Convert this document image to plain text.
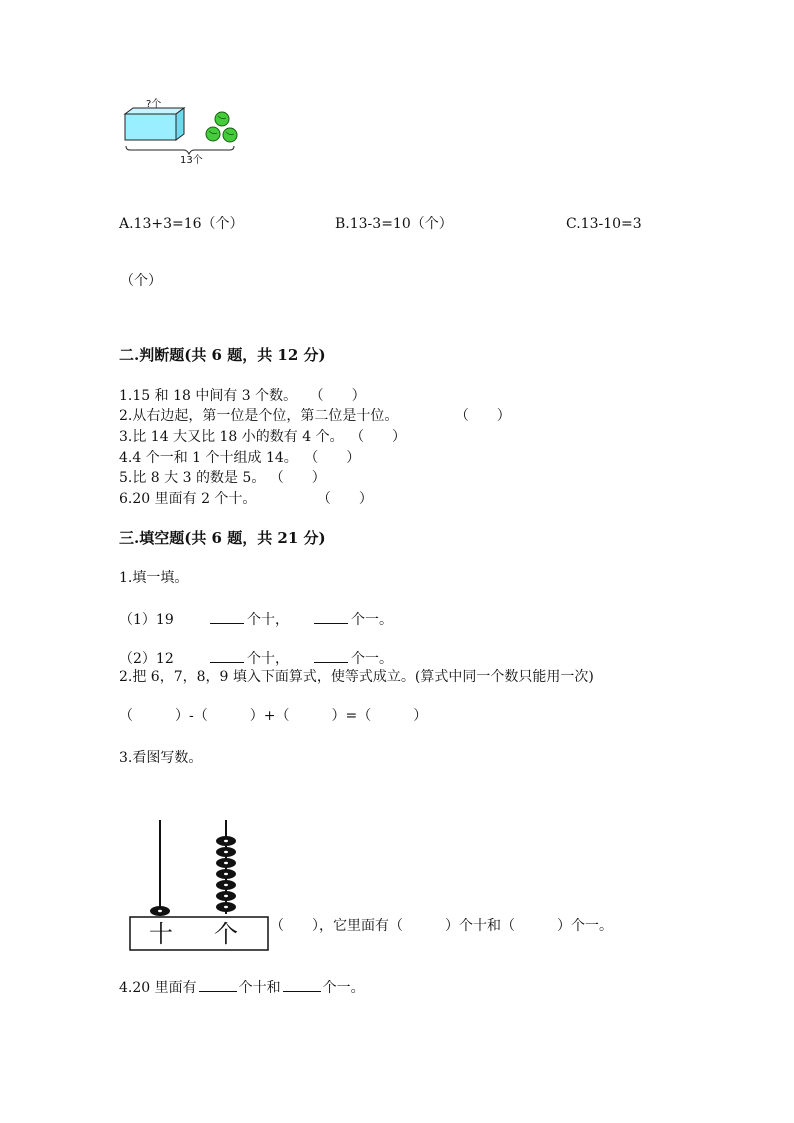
?个
13个
A.13+3=16（个）	B.13-3=10（个）	C.13-10=3
（个）
二.判断题(共 6 题，共 12 分)
1.15 和 18 中间有 3 个数。 （　　）
2.从右边起，第一位是个位，第二位是十位。	（　　）
3.比 14 大又比 18 小的数有 4 个。 （　　）
4.4 个一和 1 个十组成 14。 （　　）
5.比 8 大 3 的数是 5。 （　　）
6.20 里面有 2 个十。	（　　）
三.填空题(共 6 题，共 21 分)
1.填一填。
（1）19	个十，	个一。
（2）12	个十，	个一。
2.把 6，7，8，9 填入下面算式，使等式成立。(算式中同一个数只能用一次)
（　　　）-（　　　）+（　　　）=（　　　）
3.看图写数。
十 个 （　　），它里面有（　　　）个十和（　　　）个一。
4.20 里面有	个十和	个一。
